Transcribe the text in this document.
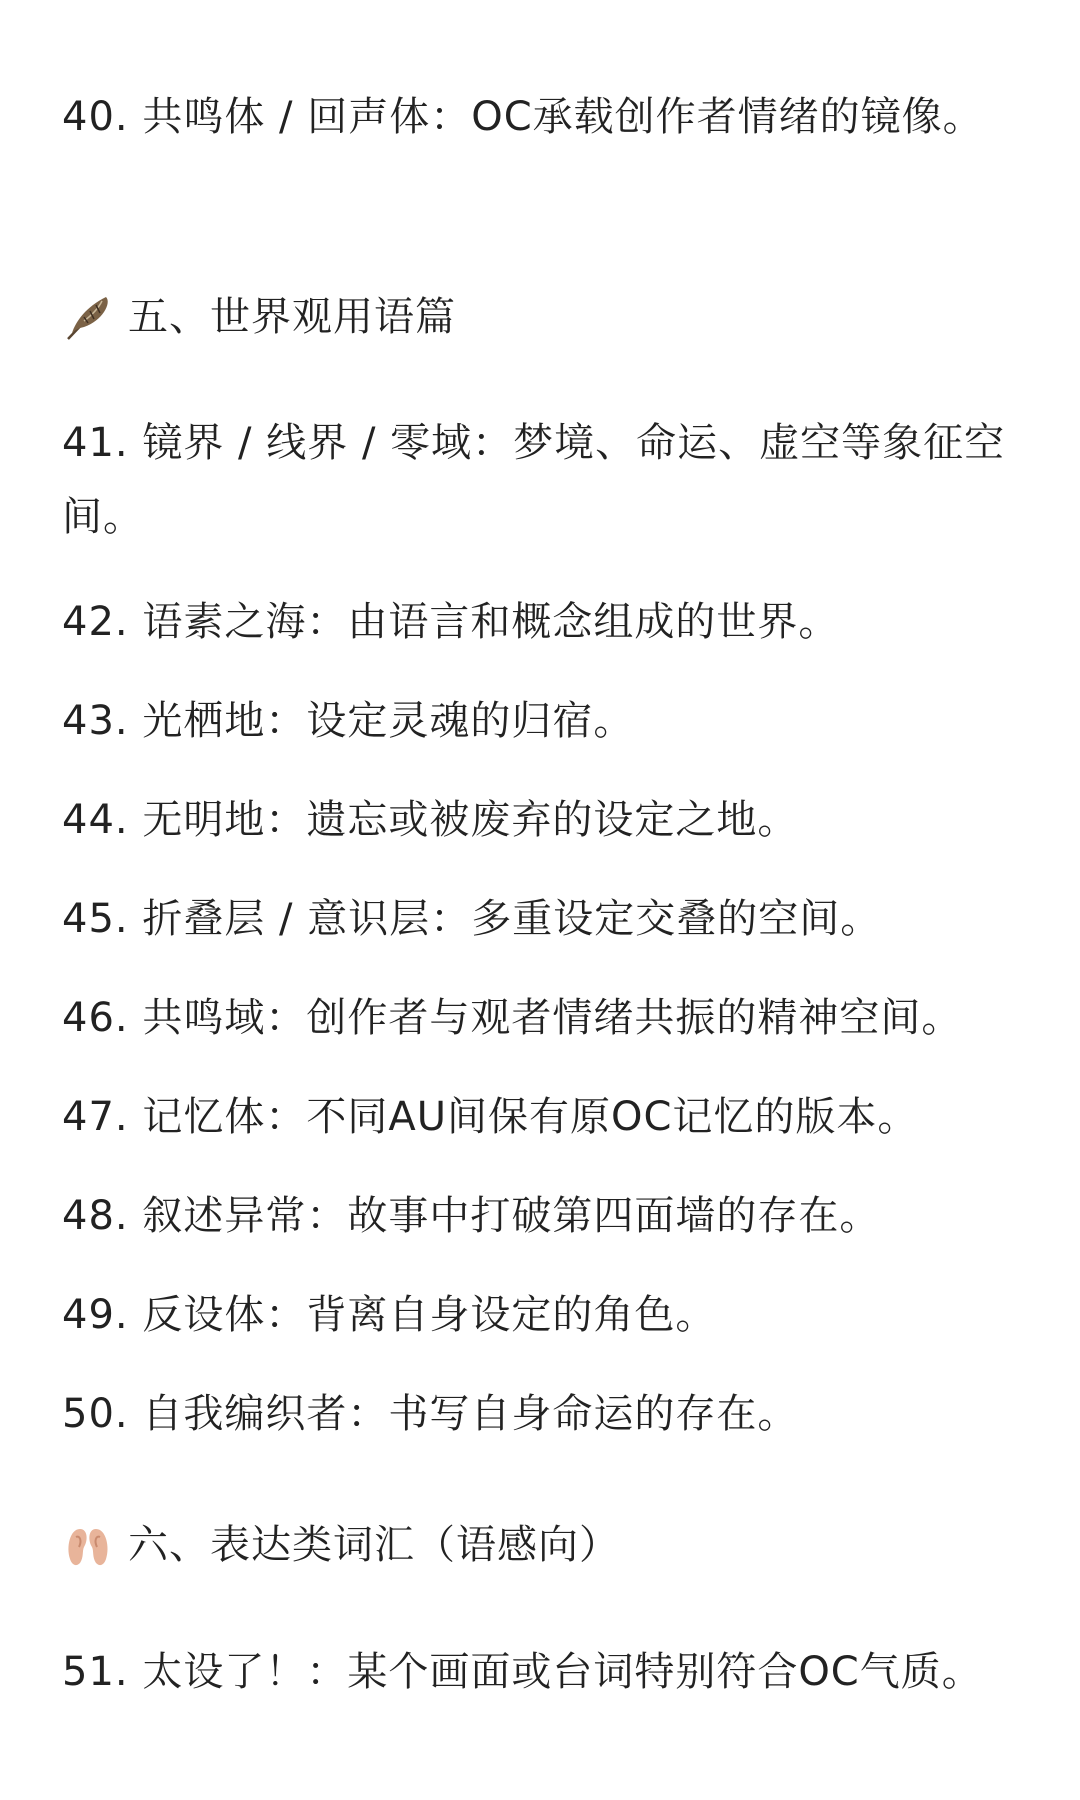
40. 共鸣体 / 回声体：OC承载创作者情绪的镜像。
五、世界观用语篇
41. 镜界 / 线界 / 零域：梦境、命运、虚空等象征空间。
42. 语素之海：由语言和概念组成的世界。
43. 光栖地：设定灵魂的归宿。
44. 无明地：遗忘或被废弃的设定之地。
45. 折叠层 / 意识层：多重设定交叠的空间。
46. 共鸣域：创作者与观者情绪共振的精神空间。
47. 记忆体：不同AU间保有原OC记忆的版本。
48. 叙述异常：故事中打破第四面墙的存在。
49. 反设体：背离自身设定的角色。
50. 自我编织者：书写自身命运的存在。
六、表达类词汇（语感向）
51. 太设了！：某个画面或台词特别符合OC气质。
